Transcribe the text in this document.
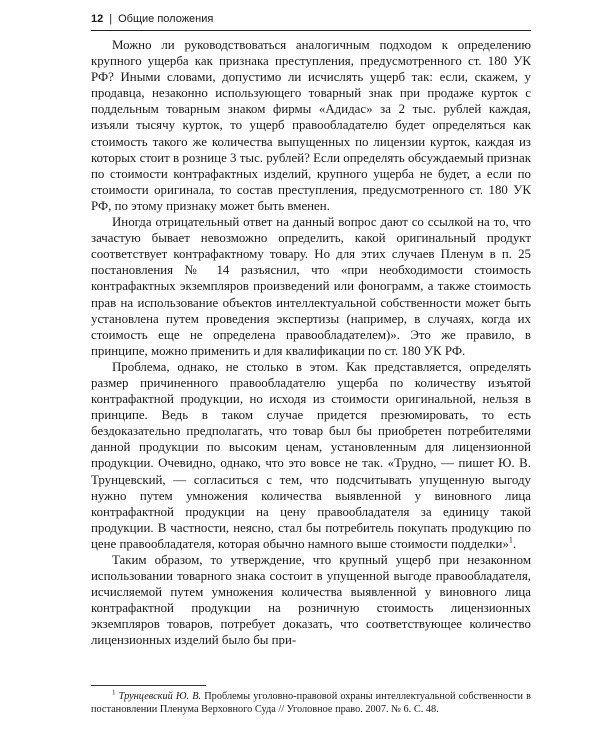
12 | Общие положения

Можно ли руководствоваться аналогичным подходом к определению крупного ущерба как признака преступления, предусмотренного ст. 180 УК РФ? Иными словами, допустимо ли исчислять ущерб так: если, скажем, у продавца, незаконно использующего товарный знак при продаже курток с поддельным товарным знаком фирмы «Адидас» за 2 тыс. рублей каждая, изъяли тысячу курток, то ущерб правообладателю будет определяться как стоимость такого же количества выпущенных по лицензии курток, каждая из которых стоит в рознице 3 тыс. рублей? Если определять обсуждаемый признак по стоимости контрафактных изделий, крупного ущерба не будет, а если по стоимости оригинала, то состав преступления, предусмотренного ст. 180 УК РФ, по этому признаку может быть вменен.

Иногда отрицательный ответ на данный вопрос дают со ссылкой на то, что зачастую бывает невозможно определить, какой оригинальный продукт соответствует контрафактному товару. Но для этих случаев Пленум в п. 25 постановления № 14 разъяснил, что «при необходимости стоимость контрафактных экземпляров произведений или фонограмм, а также стоимость прав на использование объектов интеллектуальной собственности может быть установлена путем проведения экспертизы (например, в случаях, когда их стоимость еще не определена правообладателем)». Это же правило, в принципе, можно применить и для квалификации по ст. 180 УК РФ.

Проблема, однако, не столько в этом. Как представляется, определять размер причиненного правообладателю ущерба по количеству изъятой контрафактной продукции, но исходя из стоимости оригинальной, нельзя в принципе. Ведь в таком случае придется презюмировать, то есть бездоказательно предполагать, что товар был бы приобретен потребителями данной продукции по высоким ценам, установленным для лицензионной продукции. Очевидно, однако, что это вовсе не так. «Трудно, — пишет Ю. В. Трунцевский, — согласиться с тем, что подсчитывать упущенную выгоду нужно путем умножения количества выявленной у виновного лица контрафактной продукции на цену правообладателя за единицу такой продукции. В частности, неясно, стал бы потребитель покупать продукцию по цене правообладателя, которая обычно намного выше стоимости подделки»$^1$.

Таким образом, то утверждение, что крупный ущерб при незаконном использовании товарного знака состоит в упущенной выгоде правообладателя, исчисляемой путем умножения количества выявленной у виновного лица контрафактной продукции на розничную стоимость лицензионных экземпляров товаров, потребует доказать, что соответствующее количество лицензионных изделий было бы при-

$^1$ Трунцевский Ю. В. Проблемы уголовно-правовой охраны интеллектуальной собственности в постановлении Пленума Верховного Суда // Уголовное право. 2007. № 6. С. 48.
